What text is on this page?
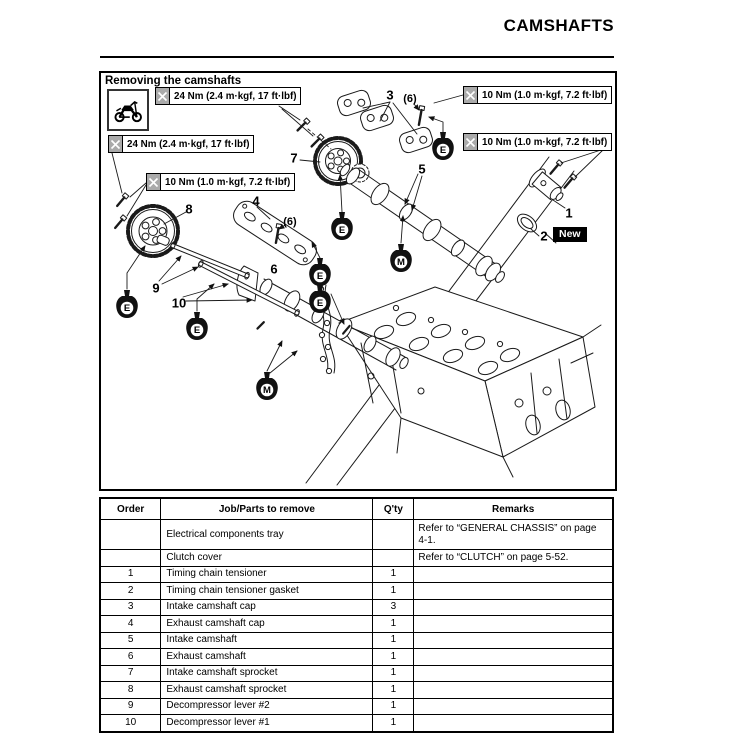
CAMSHAFTS
Removing the camshafts
24 Nm (2.4 m·kgf, 17 ft·lbf)
24 Nm (2.4 m·kgf, 17 ft·lbf)
10 Nm (1.0 m·kgf, 7.2 ft·lbf)
10 Nm (1.0 m·kgf, 7.2 ft·lbf)
10 Nm (1.0 m·kgf, 7.2 ft·lbf)
3 (6)
7
5
8
4
(6)
6
9
10
1
2	New
E
E
E
E
E
E
M
M
Order	Job/Parts to remove	Q'ty	Remarks
	Electrical components tray		Refer to “GENERAL CHASSIS” on page 4-1.
	Clutch cover		Refer to “CLUTCH” on page 5-52.
1	Timing chain tensioner	1	
2	Timing chain tensioner gasket	1	
3	Intake camshaft cap	3	
4	Exhaust camshaft cap	1	
5	Intake camshaft	1	
6	Exhaust camshaft	1	
7	Intake camshaft sprocket	1	
8	Exhaust camshaft sprocket	1	
9	Decompressor lever #2	1	
10	Decompressor lever #1	1	
